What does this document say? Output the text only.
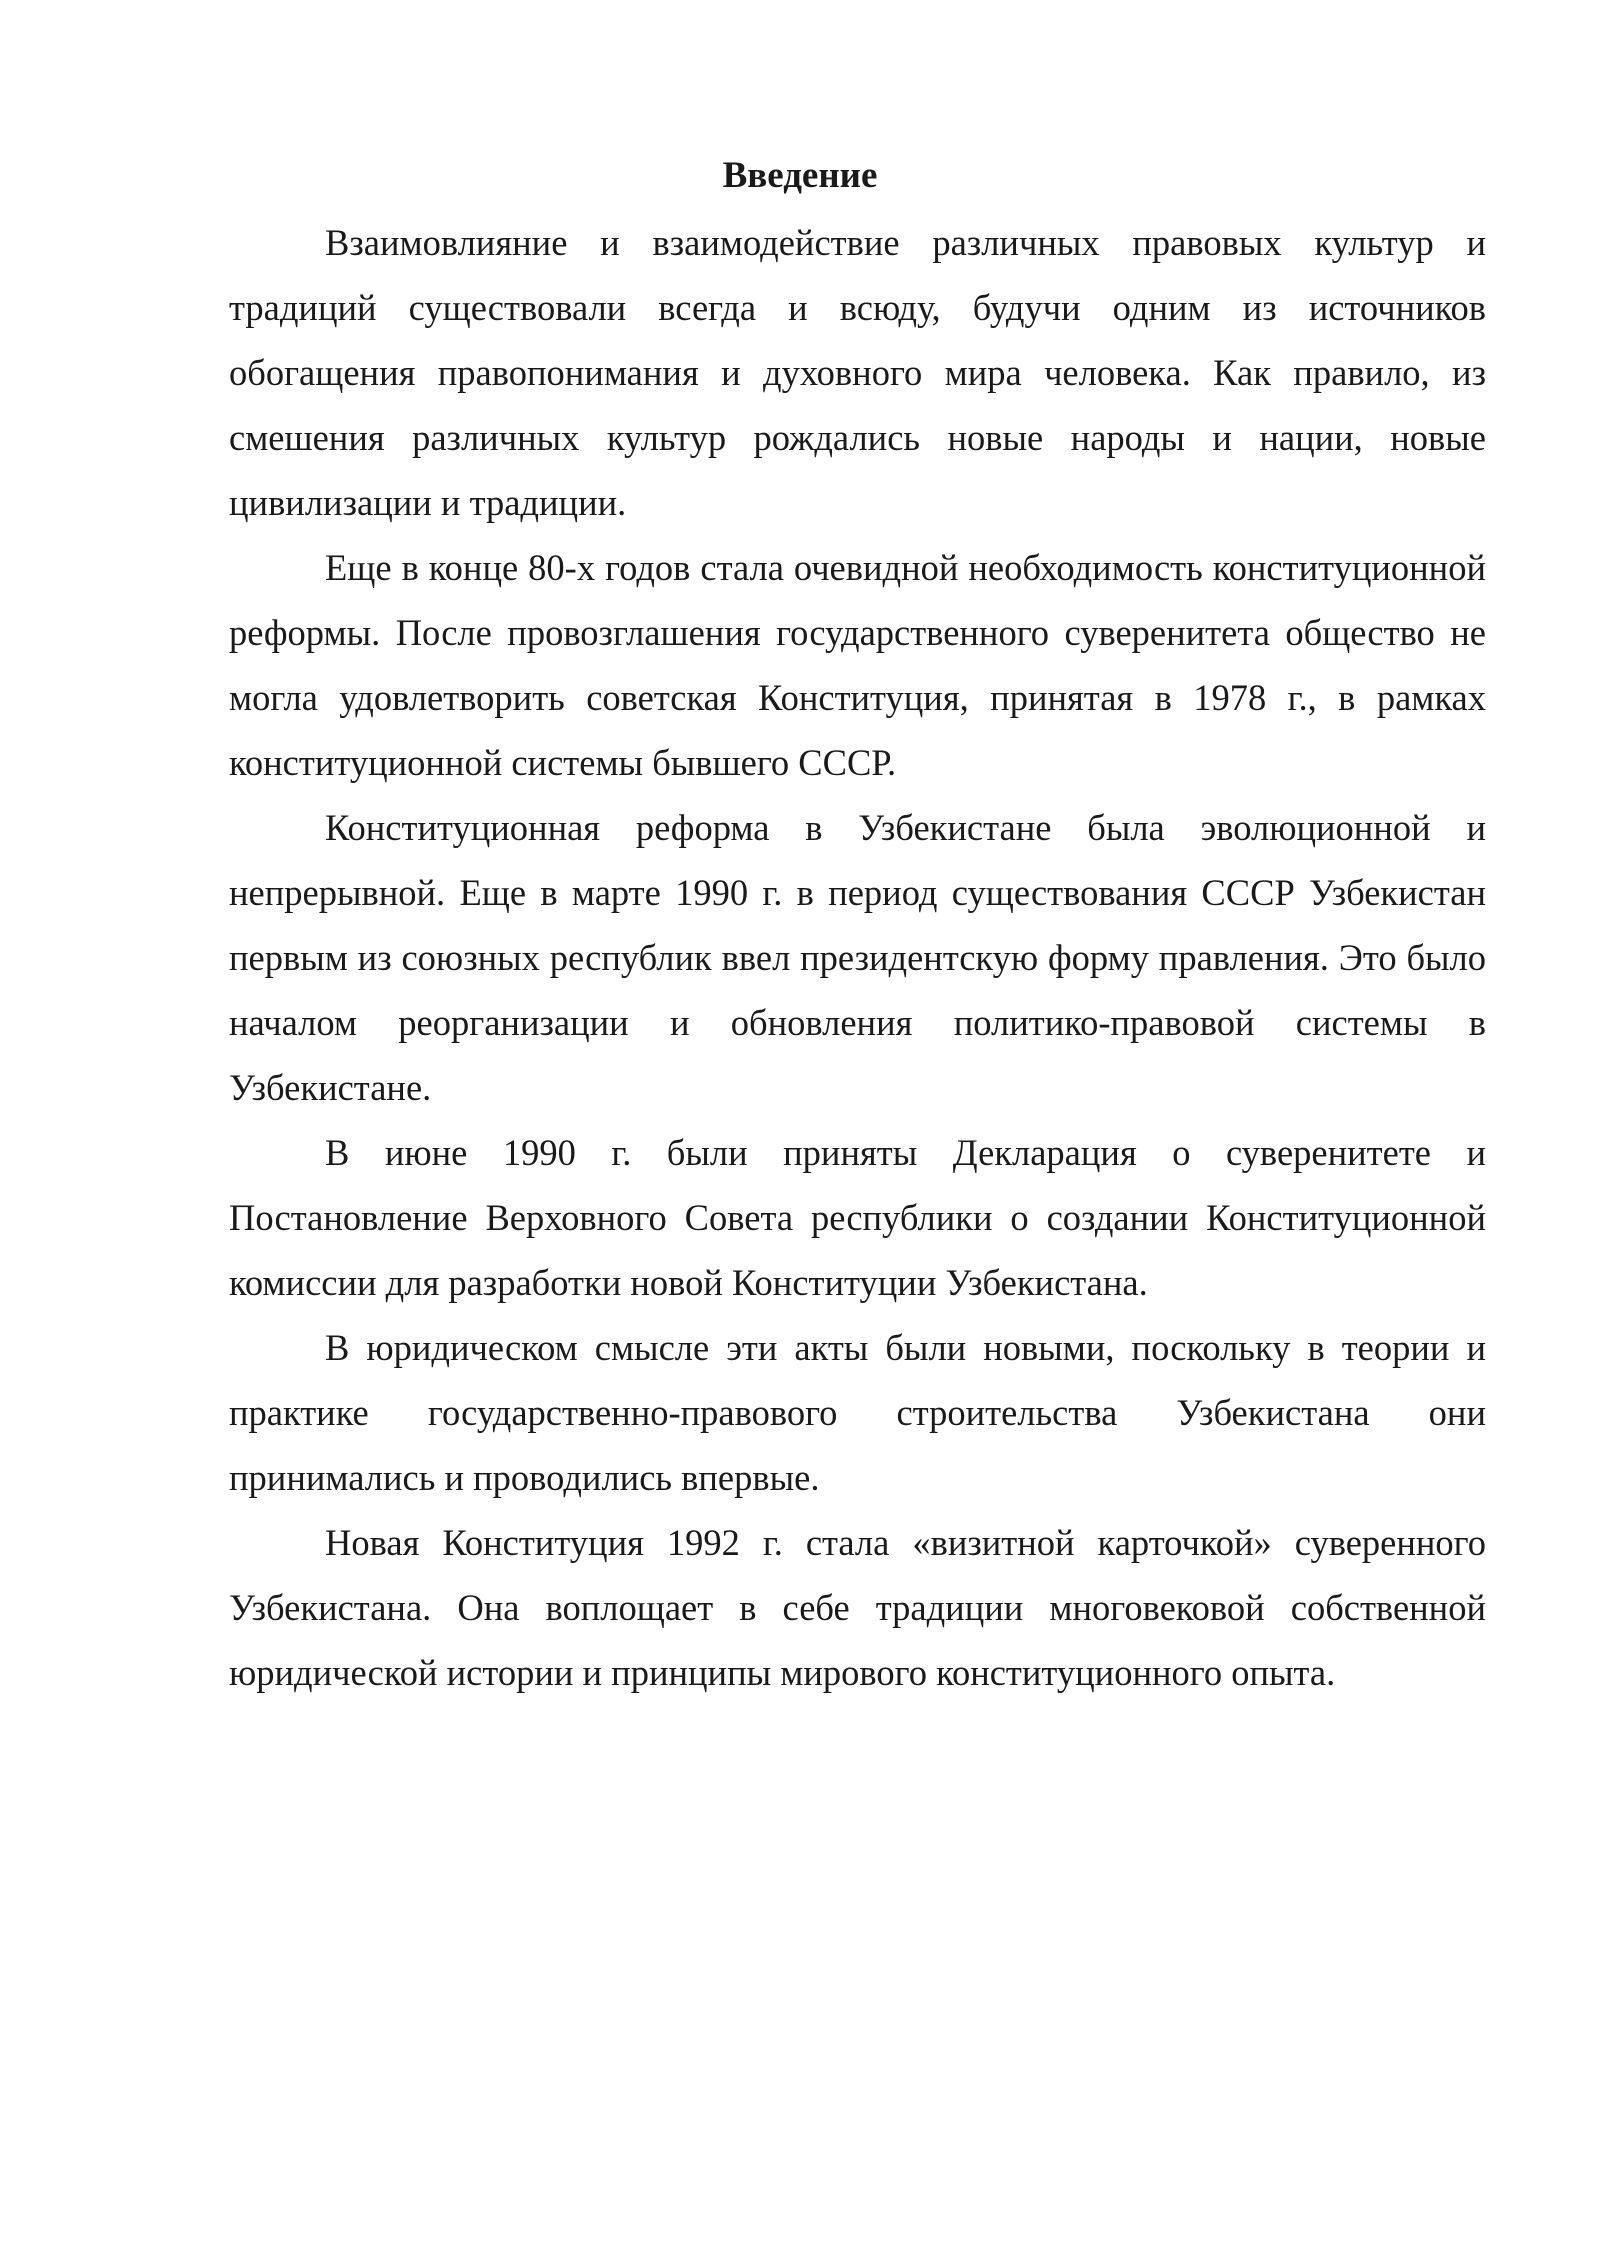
Введение

Взаимовлияние и взаимодействие различных правовых культур и традиций существовали всегда и всюду, будучи одним из источников обогащения правопонимания и духовного мира человека. Как правило, из смешения различных культур рождались новые народы и нации, новые цивилизации и традиции.

Еще в конце 80-х годов стала очевидной необходимость конституционной реформы. После провозглашения государственного суверенитета общество не могла удовлетворить советская Конституция, принятая в 1978 г., в рамках конституционной системы бывшего СССР.

Конституционная реформа в Узбекистане была эволюционной и непрерывной. Еще в марте 1990 г. в период существования СССР Узбекистан первым из союзных республик ввел президентскую форму правления. Это было началом реорганизации и обновления политико-правовой системы в Узбекистане.

В июне 1990 г. были приняты Декларация о суверенитете и Постановление Верховного Совета республики о создании Конституционной комиссии для разработки новой Конституции Узбекистана.

В юридическом смысле эти акты были новыми, поскольку в теории и практике государственно-правового строительства Узбекистана они принимались и проводились впервые.

Новая Конституция 1992 г. стала «визитной карточкой» суверенного Узбекистана. Она воплощает в себе традиции многовековой собственной юридической истории и принципы мирового конституционного опыта.
